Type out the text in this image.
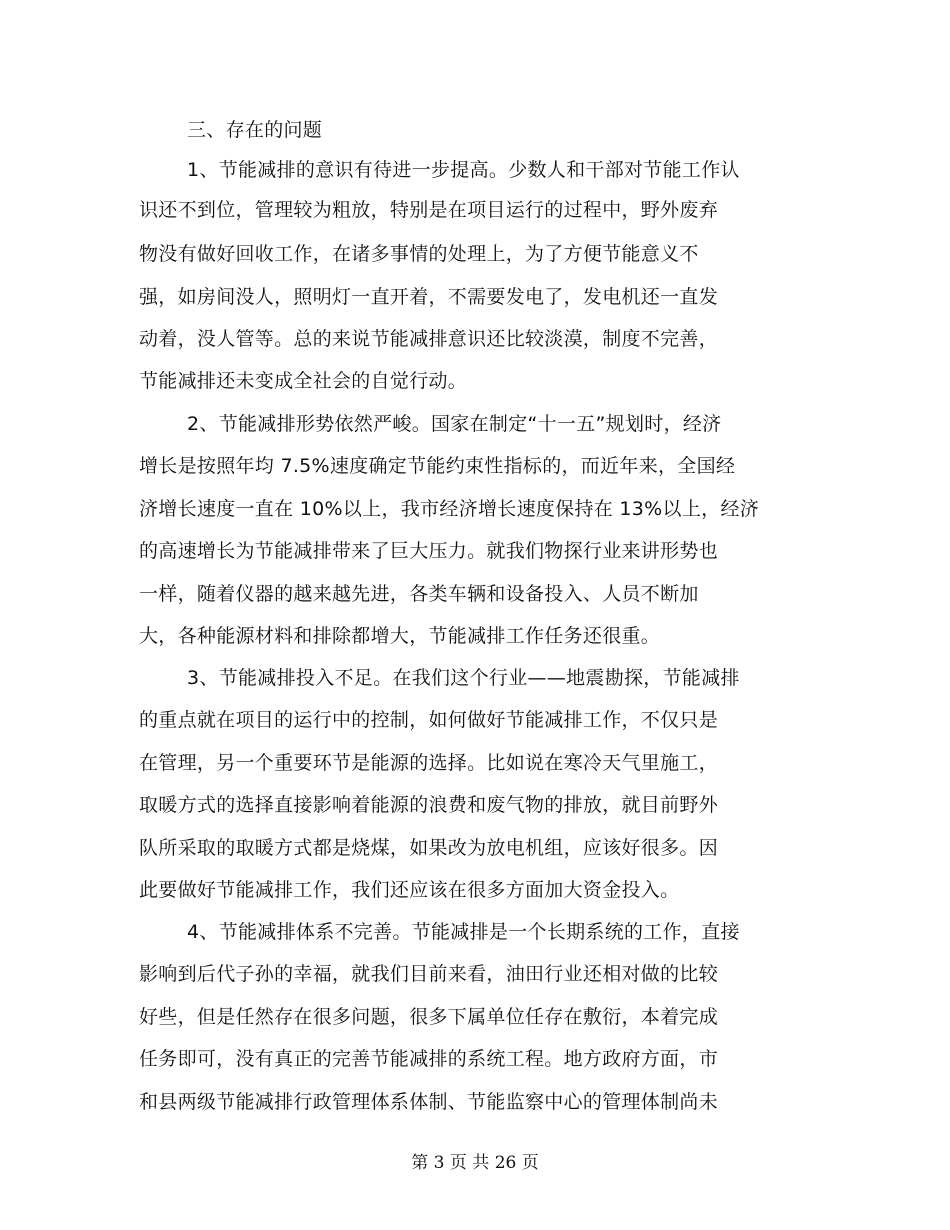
三、存在的问题
1、节能减排的意识有待进一步提高。少数人和干部对节能工作认
识还不到位，管理较为粗放，特别是在项目运行的过程中，野外废弃
物没有做好回收工作，在诸多事情的处理上，为了方便节能意义不
强，如房间没人，照明灯一直开着，不需要发电了，发电机还一直发
动着，没人管等。总的来说节能减排意识还比较淡漠，制度不完善，
节能减排还未变成全社会的自觉行动。
2、节能减排形势依然严峻。国家在制定“十一五”规划时，经济
增长是按照年均 7.5%速度确定节能约束性指标的，而近年来，全国经
济增长速度一直在 10%以上，我市经济增长速度保持在 13%以上，经济
的高速增长为节能减排带来了巨大压力。就我们物探行业来讲形势也
一样，随着仪器的越来越先进，各类车辆和设备投入、人员不断加
大，各种能源材料和排除都增大，节能减排工作任务还很重。
3、节能减排投入不足。在我们这个行业——地震勘探，节能减排
的重点就在项目的运行中的控制，如何做好节能减排工作，不仅只是
在管理，另一个重要环节是能源的选择。比如说在寒冷天气里施工，
取暖方式的选择直接影响着能源的浪费和废气物的排放，就目前野外
队所采取的取暖方式都是烧煤，如果改为放电机组，应该好很多。因
此要做好节能减排工作，我们还应该在很多方面加大资金投入。
4、节能减排体系不完善。节能减排是一个长期系统的工作，直接
影响到后代子孙的幸福，就我们目前来看，油田行业还相对做的比较
好些，但是任然存在很多问题，很多下属单位任存在敷衍，本着完成
任务即可，没有真正的完善节能减排的系统工程。地方政府方面，市
和县两级节能减排行政管理体系体制、节能监察中心的管理体制尚未
第 3 页 共 26 页
